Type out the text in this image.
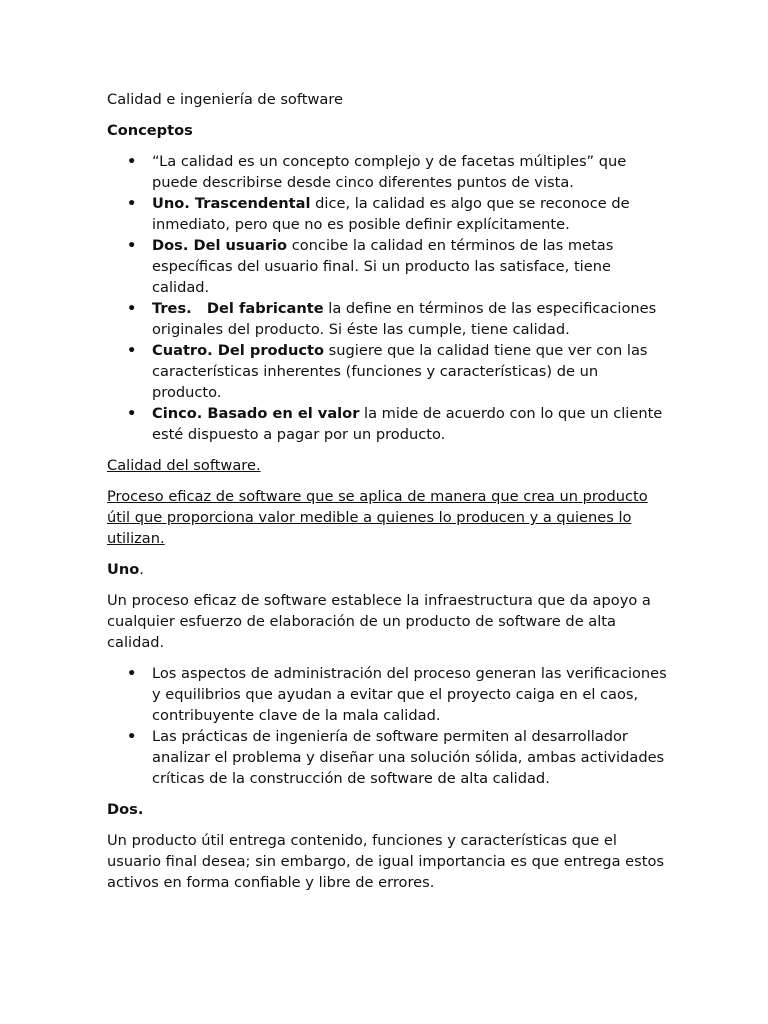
Calidad e ingeniería de software

Conceptos

• “La calidad es un concepto complejo y de facetas múltiples” que puede describirse desde cinco diferentes puntos de vista.
• Uno. Trascendental dice, la calidad es algo que se reconoce de inmediato, pero que no es posible definir explícitamente.
• Dos. Del usuario concibe la calidad en términos de las metas específicas del usuario final. Si un producto las satisface, tiene calidad.
• Tres.   Del fabricante la define en términos de las especificaciones originales del producto. Si éste las cumple, tiene calidad.
• Cuatro. Del producto sugiere que la calidad tiene que ver con las características inherentes (funciones y características) de un producto.
• Cinco. Basado en el valor la mide de acuerdo con lo que un cliente esté dispuesto a pagar por un producto.

Calidad del software.

Proceso eficaz de software que se aplica de manera que crea un producto útil que proporciona valor medible a quienes lo producen y a quienes lo utilizan.

Uno.

Un proceso eficaz de software establece la infraestructura que da apoyo a cualquier esfuerzo de elaboración de un producto de software de alta calidad.

• Los aspectos de administración del proceso generan las verificaciones y equilibrios que ayudan a evitar que el proyecto caiga en el caos, contribuyente clave de la mala calidad.
• Las prácticas de ingeniería de software permiten al desarrollador analizar el problema y diseñar una solución sólida, ambas actividades críticas de la construcción de software de alta calidad.

Dos.

Un producto útil entrega contenido, funciones y características que el usuario final desea; sin embargo, de igual importancia es que entrega estos activos en forma confiable y libre de errores.
